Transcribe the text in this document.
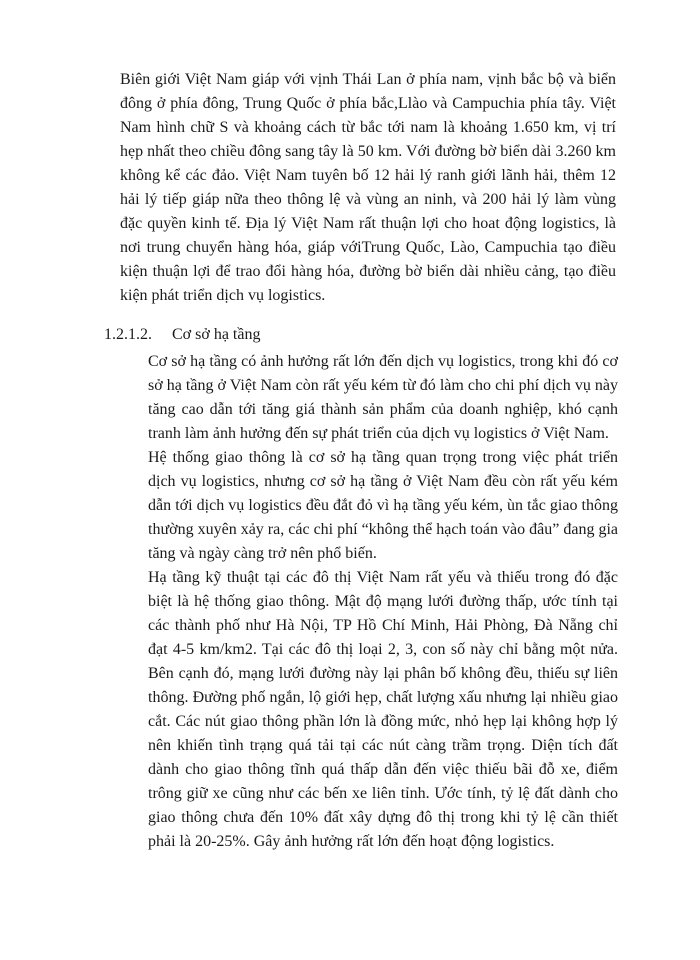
Biên giới Việt Nam giáp với vịnh Thái Lan ở phía nam, vịnh bắc bộ và biển đông ở phía đông, Trung Quốc ở phía bắc,Llào và Campuchia phía tây. Việt Nam hình chữ S và khoảng cách từ bắc tới nam là khoảng 1.650 km, vị trí hẹp nhất theo chiều đông sang tây là 50 km. Với đường bờ biển dài 3.260 km không kể các đảo. Việt Nam tuyên bố 12 hải lý ranh giới lãnh hải, thêm 12 hải lý tiếp giáp nữa theo thông lệ và vùng an ninh, và 200 hải lý làm vùng đặc quyền kinh tế. Địa lý Việt Nam rất thuận lợi cho hoat động logistics, là nơi trung chuyển hàng hóa, giáp vớiTrung Quốc, Lào, Campuchia tạo điều kiện thuận lợi để trao đổi hàng hóa, đường bờ biển dài nhiều cảng, tạo điều kiện phát triển dịch vụ logistics.

1.2.1.2.	Cơ sở hạ tầng

Cơ sở hạ tầng có ảnh hưởng rất lớn đến dịch vụ logistics, trong khi đó cơ sở hạ tầng ở Việt Nam còn rất yếu kém từ đó làm cho chi phí dịch vụ này tăng cao dẫn tới tăng giá thành sản phẩm của doanh nghiệp, khó cạnh tranh làm ảnh hưởng đến sự phát triển của dịch vụ logistics ở Việt Nam.

Hệ thống giao thông là cơ sở hạ tầng quan trọng trong việc phát triển dịch vụ logistics, nhưng cơ sở hạ tầng ở Việt Nam đều còn rất yếu kém dẫn tới dịch vụ logistics đều đắt đỏ vì hạ tầng yếu kém, ùn tắc giao thông thường xuyên xảy ra, các chi phí “không thể hạch toán vào đâu” đang gia tăng và ngày càng trở nên phổ biến.

Hạ tầng kỹ thuật tại các đô thị Việt Nam rất yếu và thiếu trong đó đặc biệt là hệ thống giao thông. Mật độ mạng lưới đường thấp, ước tính tại các thành phố như Hà Nội, TP Hồ Chí Minh, Hải Phòng, Đà Nẵng chỉ đạt 4-5 km/km2. Tại các đô thị loại 2, 3, con số này chỉ bằng một nửa. Bên cạnh đó, mạng lưới đường này lại phân bố không đều, thiếu sự liên thông. Đường phố ngắn, lộ giới hẹp, chất lượng xấu nhưng lại nhiều giao cắt. Các nút giao thông phần lớn là đồng mức, nhỏ hẹp lại không hợp lý nên khiến tình trạng quá tải tại các nút càng trầm trọng. Diện tích đất dành cho giao thông tĩnh quá thấp dẫn đến việc thiếu bãi đỗ xe, điểm trông giữ xe cũng như các bến xe liên tỉnh. Ước tính, tỷ lệ đất dành cho giao thông chưa đến 10% đất xây dựng đô thị trong khi tỷ lệ cần thiết phải là 20-25%. Gây ảnh hưởng rất lớn đến hoạt động logistics.
